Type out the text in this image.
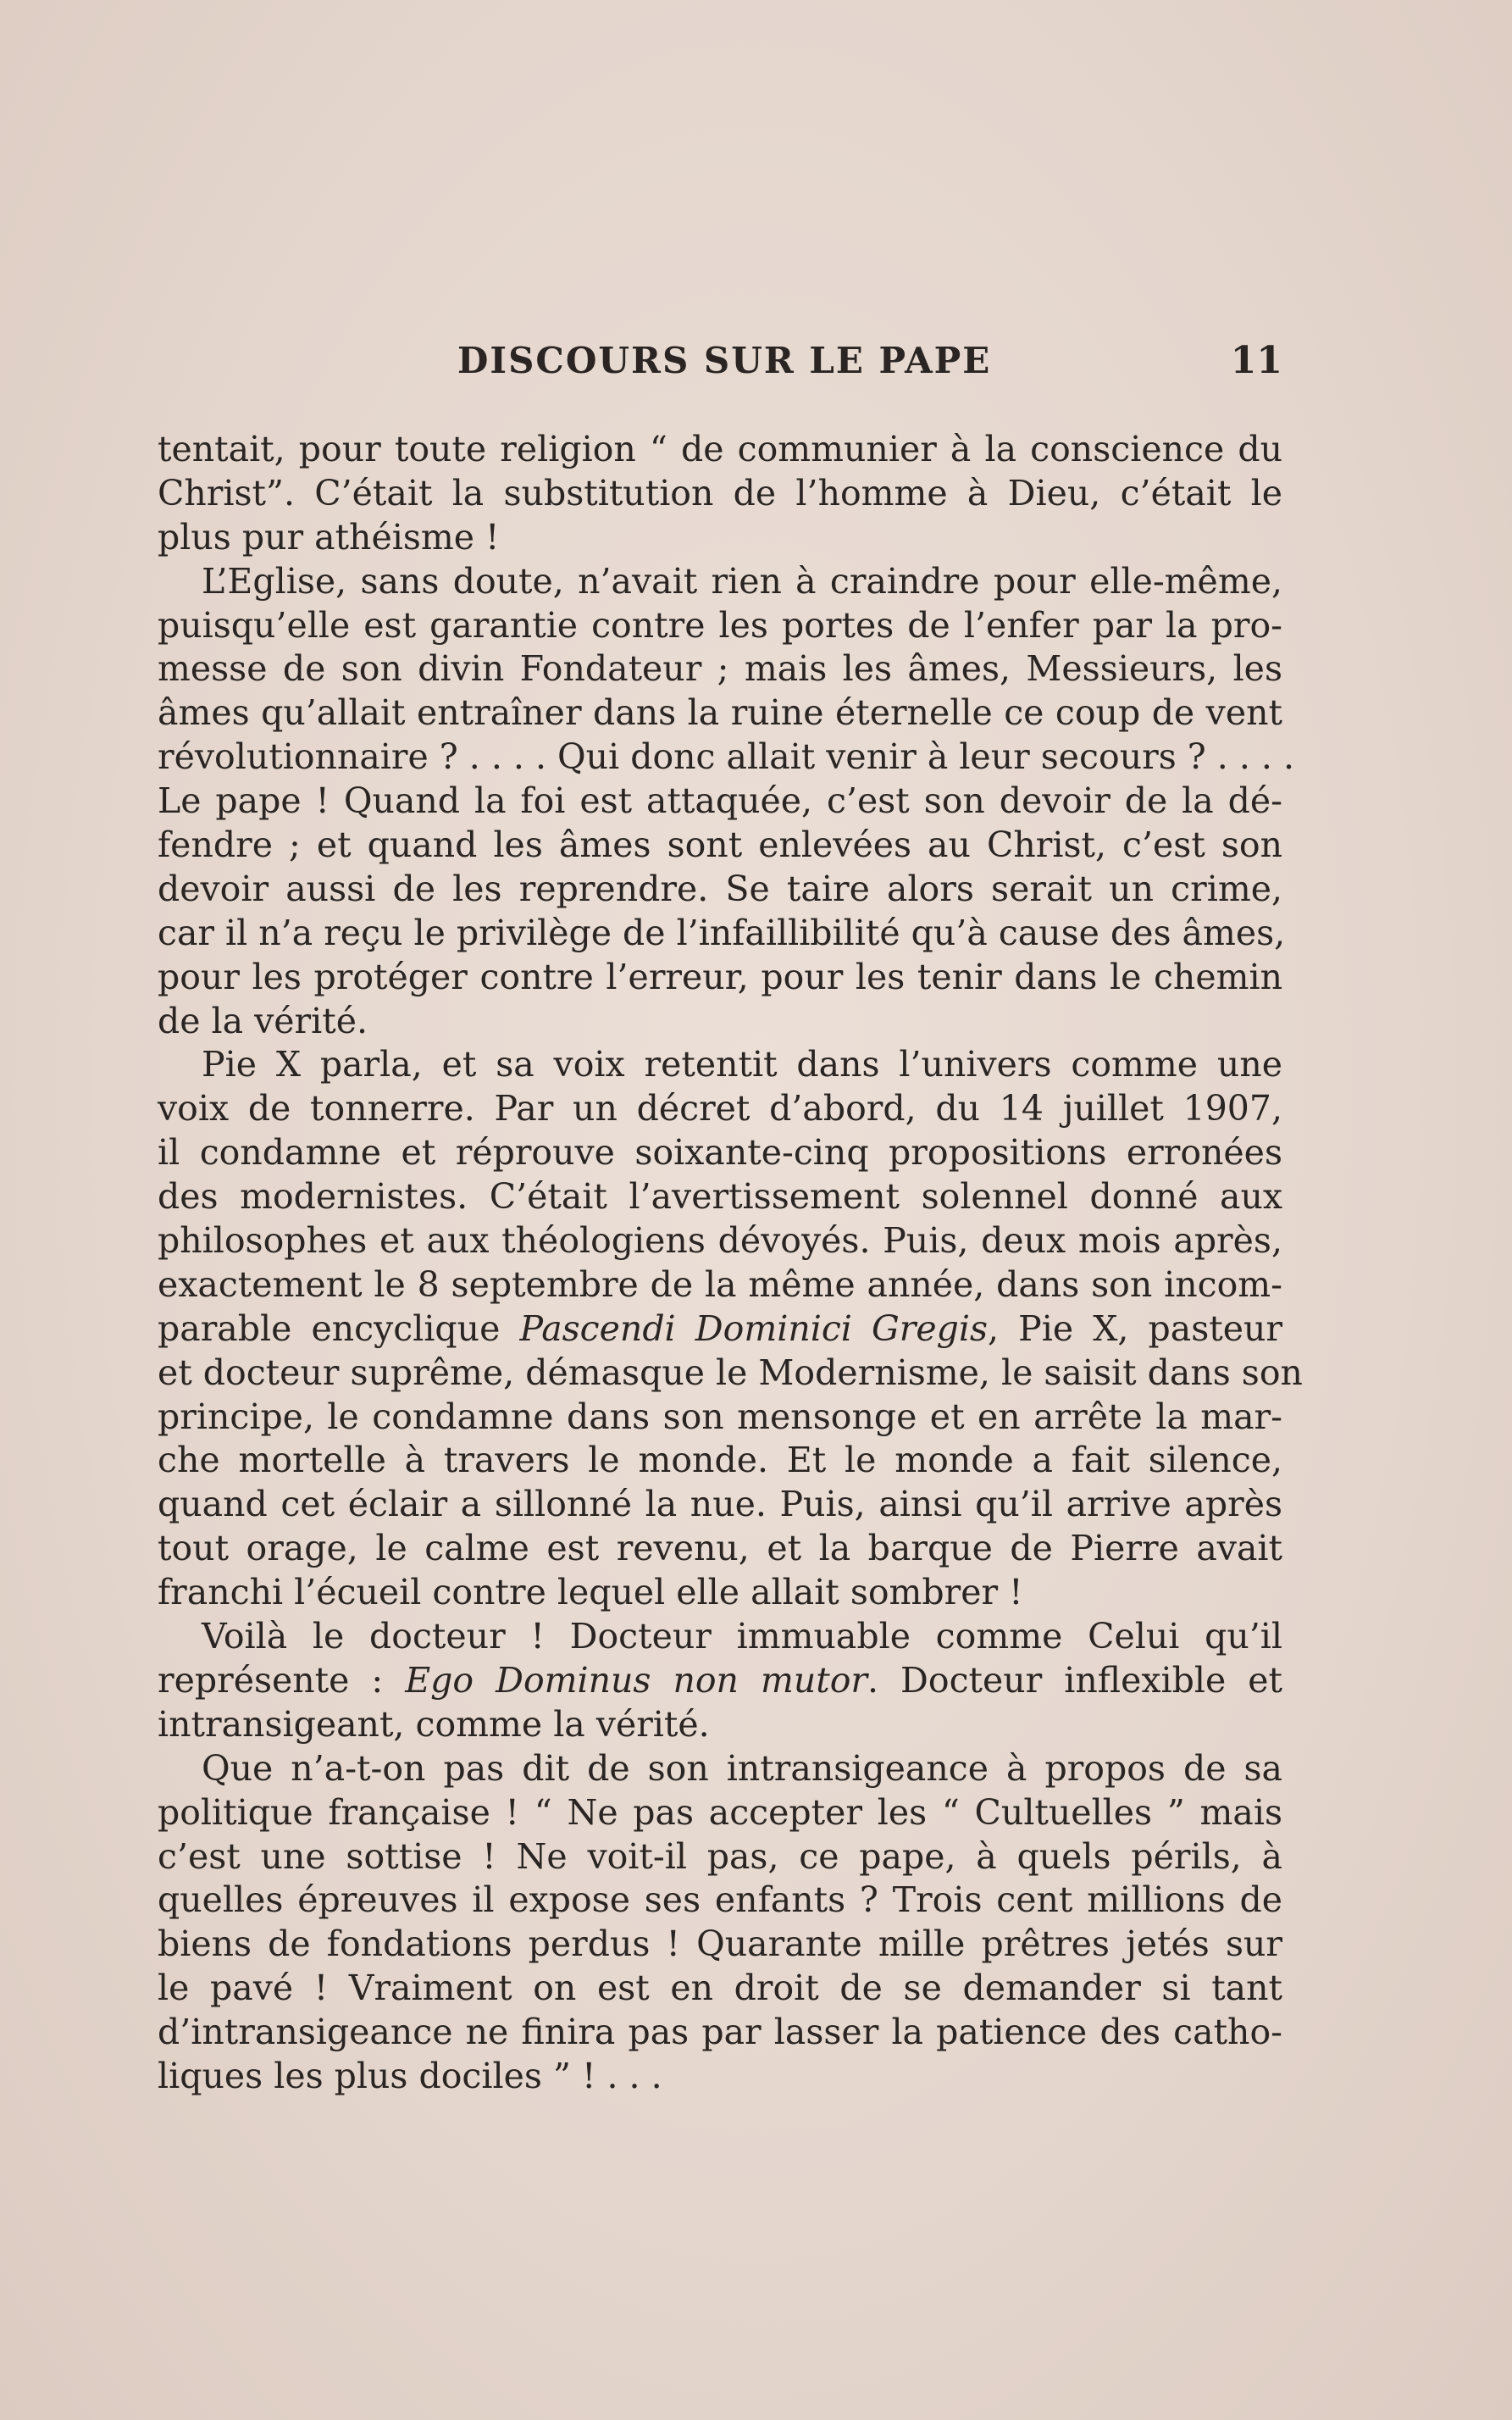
DISCOURS SUR LE PAPE	11
tentait, pour toute religion “ de communier à la conscience du
Christ”. C’était la substitution de l’homme à Dieu, c’était le
plus pur athéisme !
L’Eglise, sans doute, n’avait rien à craindre pour elle-même,
puisqu’elle est garantie contre les portes de l’enfer par la pro-
messe de son divin Fondateur ; mais les âmes, Messieurs, les
âmes qu’allait entraîner dans la ruine éternelle ce coup de vent
révolutionnaire ? . . . . Qui donc allait venir à leur secours ? . . . .
Le pape ! Quand la foi est attaquée, c’est son devoir de la dé-
fendre ; et quand les âmes sont enlevées au Christ, c’est son
devoir aussi de les reprendre. Se taire alors serait un crime,
car il n’a reçu le privilège de l’infaillibilité qu’à cause des âmes,
pour les protéger contre l’erreur, pour les tenir dans le chemin
de la vérité.
Pie X parla, et sa voix retentit dans l’univers comme une
voix de tonnerre. Par un décret d’abord, du 14 juillet 1907,
il condamne et réprouve soixante-cinq propositions erronées
des modernistes. C’était l’avertissement solennel donné aux
philosophes et aux théologiens dévoyés. Puis, deux mois après,
exactement le 8 septembre de la même année, dans son incom-
parable encyclique Pascendi Dominici Gregis, Pie X, pasteur
et docteur suprême, démasque le Modernisme, le saisit dans son
principe, le condamne dans son mensonge et en arrête la mar-
che mortelle à travers le monde. Et le monde a fait silence,
quand cet éclair a sillonné la nue. Puis, ainsi qu’il arrive après
tout orage, le calme est revenu, et la barque de Pierre avait
franchi l’écueil contre lequel elle allait sombrer !
Voilà le docteur ! Docteur immuable comme Celui qu’il
représente : Ego Dominus non mutor. Docteur inflexible et
intransigeant, comme la vérité.
Que n’a-t-on pas dit de son intransigeance à propos de sa
politique française ! “ Ne pas accepter les “ Cultuelles ” mais
c’est une sottise ! Ne voit-il pas, ce pape, à quels périls, à
quelles épreuves il expose ses enfants ? Trois cent millions de
biens de fondations perdus ! Quarante mille prêtres jetés sur
le pavé ! Vraiment on est en droit de se demander si tant
d’intransigeance ne finira pas par lasser la patience des catho-
liques les plus dociles ” ! . . .
